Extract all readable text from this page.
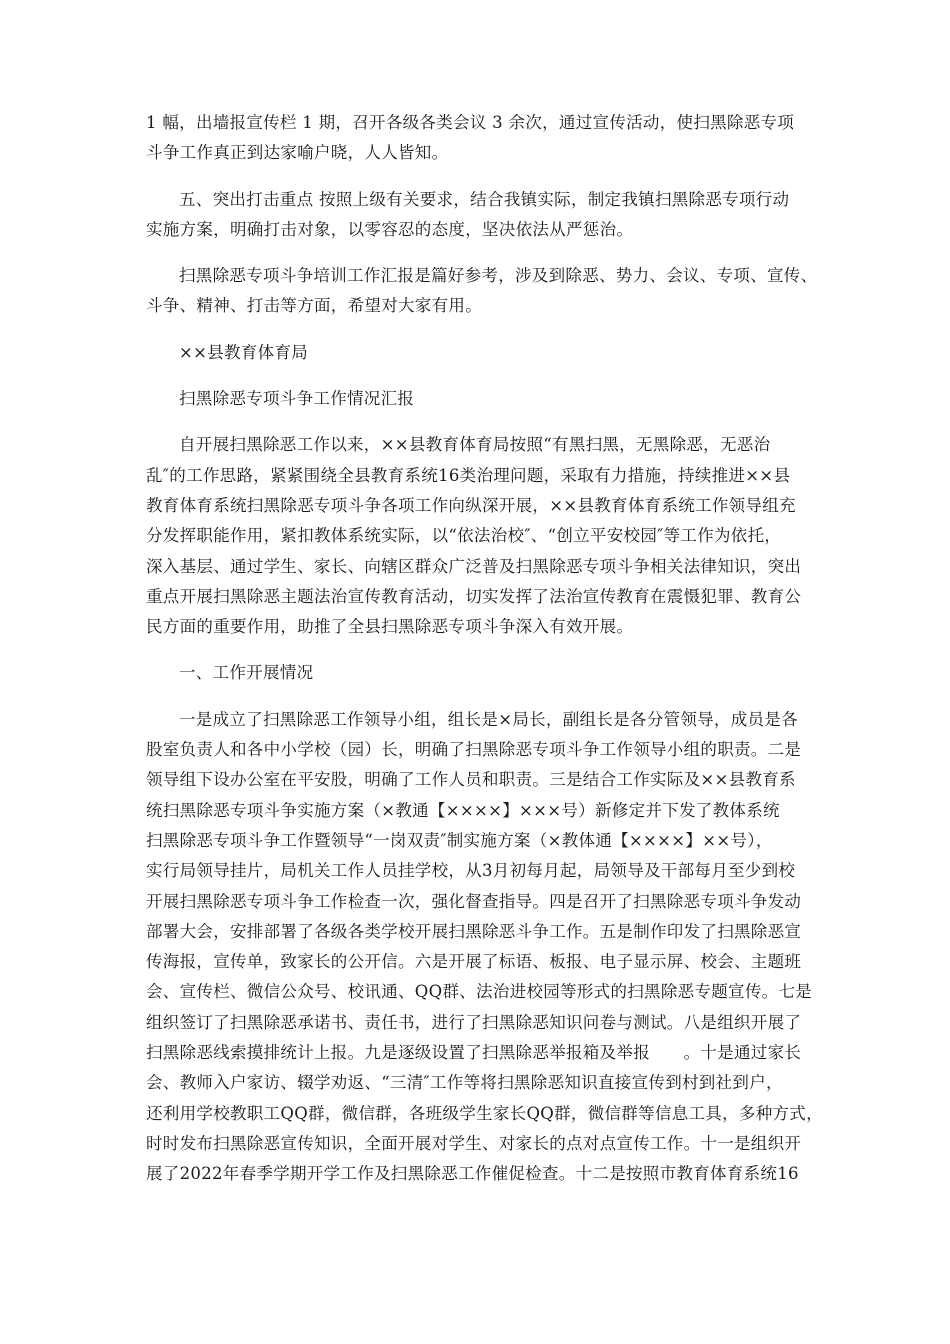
1 幅，出墙报宣传栏 1 期，召开各级各类会议 3 余次，通过宣传活动，使扫黑除恶专项
斗争工作真正到达家喻户晓，人人皆知。

五、突出打击重点 按照上级有关要求，结合我镇实际，制定我镇扫黑除恶专项行动
实施方案，明确打击对象，以零容忍的态度，坚决依法从严惩治。

扫黑除恶专项斗争培训工作汇报是篇好参考，涉及到除恶、势力、会议、专项、宣传、
斗争、精神、打击等方面，希望对大家有用。

××县教育体育局

扫黑除恶专项斗争工作情况汇报

自开展扫黑除恶工作以来，××县教育体育局按照“有黑扫黑，无黑除恶，无恶治
乱″的工作思路，紧紧围绕全县教育系统16类治理问题，采取有力措施，持续推进××县
教育体育系统扫黑除恶专项斗争各项工作向纵深开展，××县教育体育系统工作领导组充
分发挥职能作用，紧扣教体系统实际，以“依法治校″、“创立平安校园″等工作为依托，
深入基层、通过学生、家长、向辖区群众广泛普及扫黑除恶专项斗争相关法律知识，突出
重点开展扫黑除恶主题法治宣传教育活动，切实发挥了法治宣传教育在震慑犯罪、教育公
民方面的重要作用，助推了全县扫黑除恶专项斗争深入有效开展。

一、工作开展情况

一是成立了扫黑除恶工作领导小组，组长是×局长，副组长是各分管领导，成员是各
股室负责人和各中小学校（园）长，明确了扫黑除恶专项斗争工作领导小组的职责。二是
领导组下设办公室在平安股，明确了工作人员和职责。三是结合工作实际及××县教育系
统扫黑除恶专项斗争实施方案（×教通【××××】×××号）新修定并下发了教体系统
扫黑除恶专项斗争工作暨领导“一岗双责″制实施方案（×教体通【××××】××号），
实行局领导挂片，局机关工作人员挂学校，从3月初每月起，局领导及干部每月至少到校
开展扫黑除恶专项斗争工作检查一次，强化督查指导。四是召开了扫黑除恶专项斗争发动
部署大会，安排部署了各级各类学校开展扫黑除恶斗争工作。五是制作印发了扫黑除恶宣
传海报，宣传单，致家长的公开信。六是开展了标语、板报、电子显示屏、校会、主题班
会、宣传栏、微信公众号、校讯通、QQ群、法治进校园等形式的扫黑除恶专题宣传。七是
组织签订了扫黑除恶承诺书、责任书，进行了扫黑除恶知识问卷与测试。八是组织开展了
扫黑除恶线索摸排统计上报。九是逐级设置了扫黑除恶举报箱及举报　　。十是通过家长
会、教师入户家访、辍学劝返、“三清″工作等将扫黑除恶知识直接宣传到村到社到户，
还利用学校教职工QQ群，微信群，各班级学生家长QQ群，微信群等信息工具，多种方式，
时时发布扫黑除恶宣传知识，全面开展对学生、对家长的点对点宣传工作。十一是组织开
展了2022年春季学期开学工作及扫黑除恶工作催促检查。十二是按照市教育体育系统16
